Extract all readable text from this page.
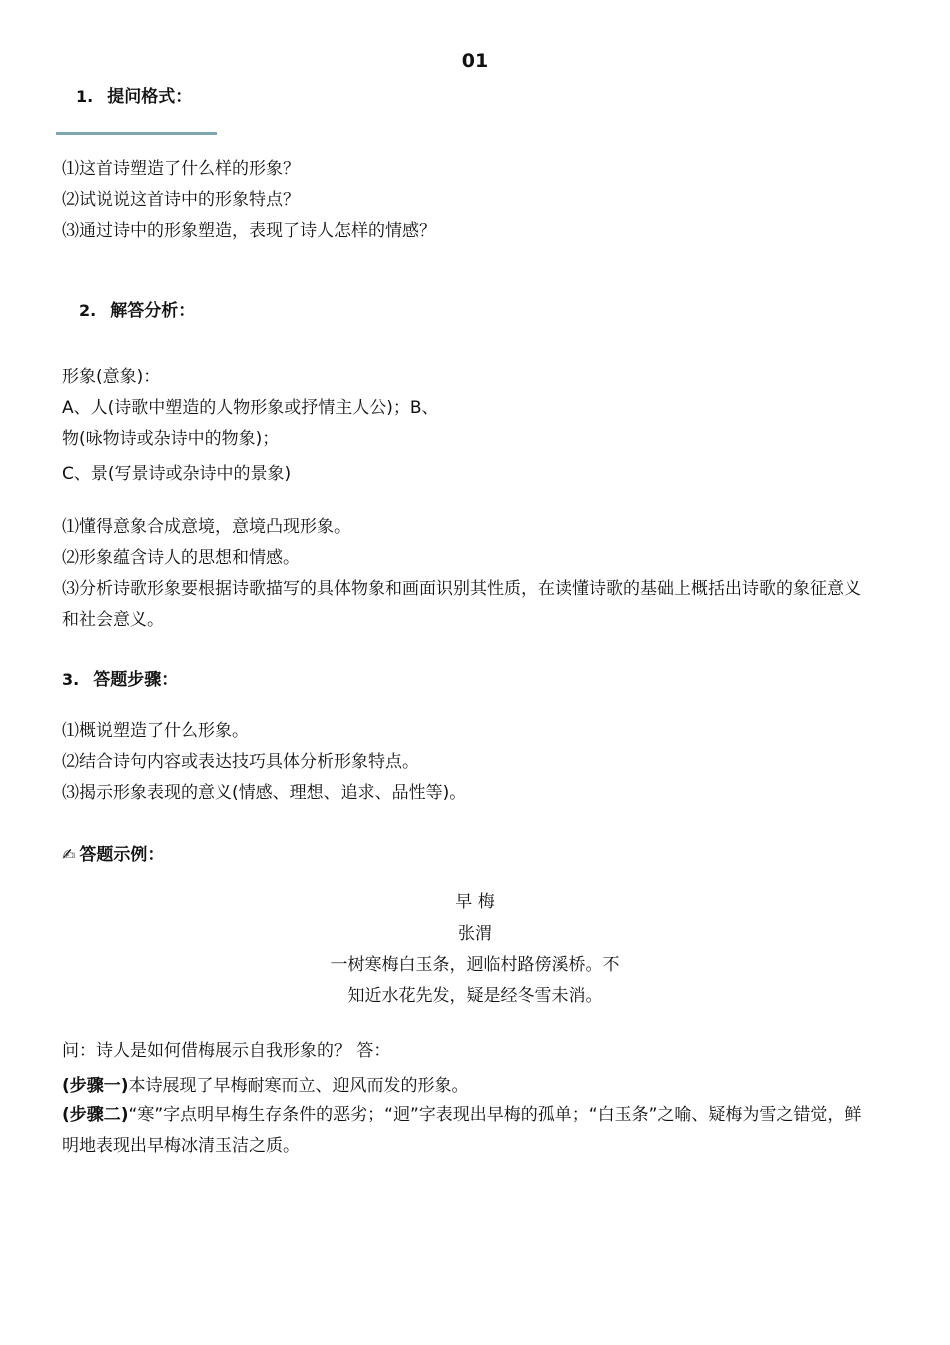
01
1. 提问格式：
⑴这首诗塑造了什么样的形象？
⑵试说说这首诗中的形象特点？
⑶通过诗中的形象塑造，表现了诗人怎样的情感？
2. 解答分析：
形象(意象)：
A、人(诗歌中塑造的人物形象或抒情主人公)；B、
物(咏物诗或杂诗中的物象)；
C、景(写景诗或杂诗中的景象)
⑴懂得意象合成意境，意境凸现形象。
⑵形象蕴含诗人的思想和情感。
⑶分析诗歌形象要根据诗歌描写的具体物象和画面识别其性质，在读懂诗歌的基础上概括出诗歌的象征意义和社会意义。
3. 答题步骤：
⑴概说塑造了什么形象。
⑵结合诗句内容或表达技巧具体分析形象特点。
⑶揭示形象表现的意义(情感、理想、追求、品性等)。
✍ 答题示例：
早 梅
张渭
一树寒梅白玉条，迥临村路傍溪桥。不
知近水花先发，疑是经冬雪未消。
问：诗人是如何借梅展示自我形象的？ 答：
(步骤一)本诗展现了早梅耐寒而立、迎风而发的形象。
(步骤二)“寒”字点明早梅生存条件的恶劣；“迥”字表现出早梅的孤单；“白玉条”之喻、疑梅为雪之错觉，鲜明地表现出早梅冰清玉洁之质。
